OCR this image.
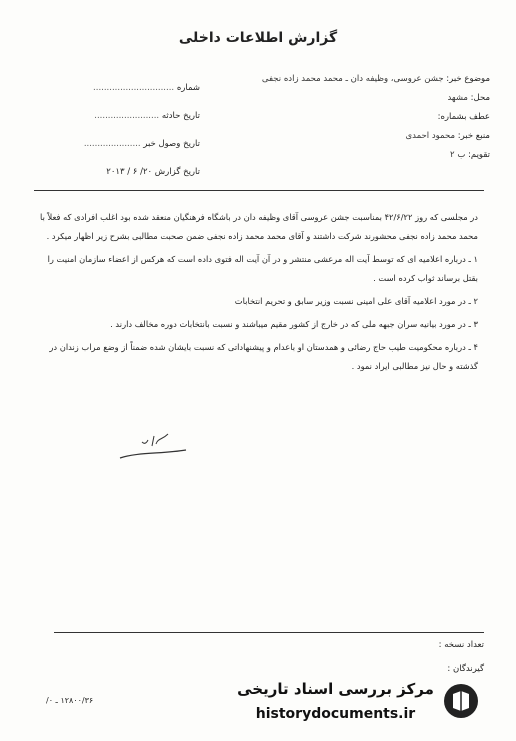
گزارش اطلاعات داخلی
موضوع خبر: جشن عروسی، وظیفه دان ـ محمد محمد زاده نجفی
محل: مشهد
عطف بشماره:
منبع خبر: محمود احمدی
تقویم: ب ۲
شماره ..............................
تاریخ حادثه ........................
تاریخ وصول خبر .....................
تاریخ گزارش ۲۰/ ۶ / ۲۰۱۳

در مجلسی که روز ۴۲/۶/۲۲ بمناسبت جشن عروسی آقای وظیفه دان در باشگاه فرهنگیان منعقد شده بود اغلب افرادی که فعلاً با محمد محمد زاده نجفی محشورند شرکت داشتند و آقای محمد محمد زاده نجفی ضمن صحبت مطالبی بشرح زیر اظهار میکرد .

۱ ـ درباره اعلامیه ای که توسط آیت اله مرعشی منتشر و در آن آیت اله فتوی داده است که هرکس از اعضاء سازمان امنیت را بقتل برساند ثواب کرده است .

۲ ـ در مورد اعلامیه آقای علی امینی نسبت وزیر سابق و تحریم انتخابات

۳ ـ در مورد بیانیه سران جبهه ملی که در خارج از کشور مقیم میباشند و نسبت بانتخابات دوره مخالف دارند .

۴ ـ درباره محکومیت طیب حاج رضائی و همدستان او باعدام و پیشنهاداتی که نسبت بایشان شده ضمناً از وضع مراب زندان در گذشته و حال نیز مطالبی ایراد نمود .

تعداد نسخه :
گیرندگان :
۱۲۸۰۰/۳۶ ـ ۰/
مرکز بررسی اسناد تاریخی
historydocuments.ir
